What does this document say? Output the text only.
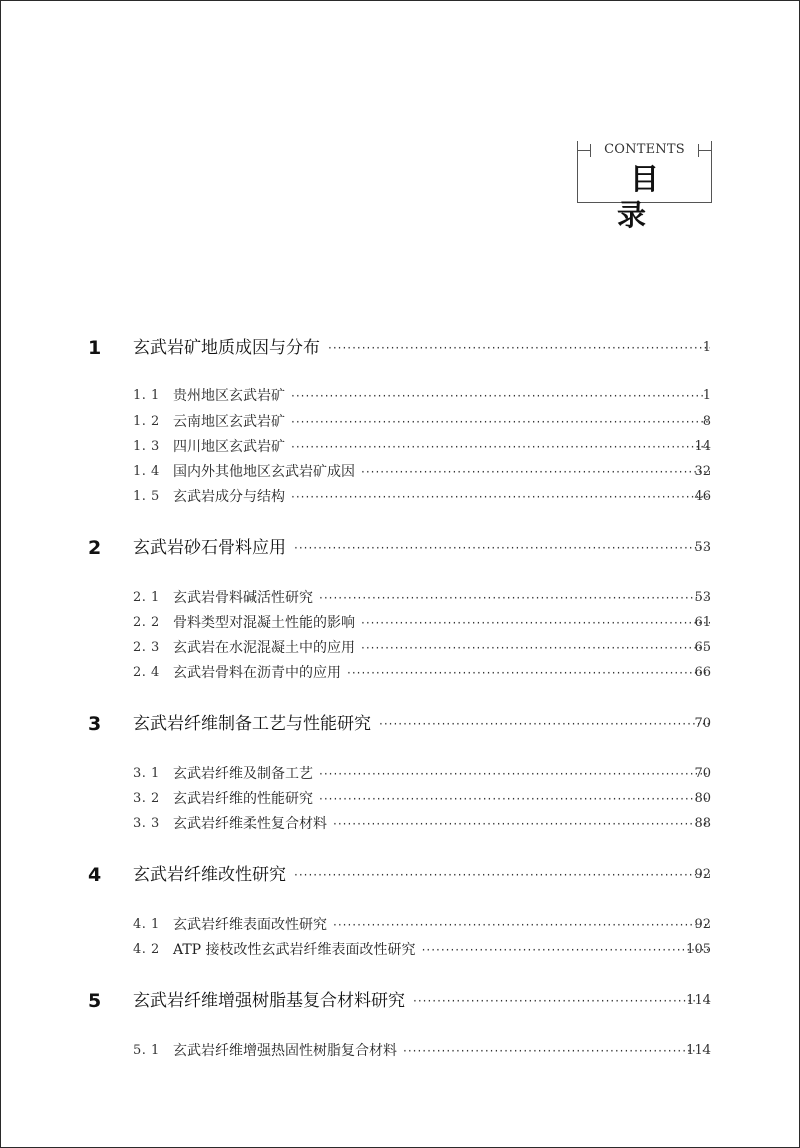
CONTENTS
目录
1	玄武岩矿地质成因与分布 ·····	1
1. 1 贵州地区玄武岩矿 ·····	1
1. 2 云南地区玄武岩矿 ·····	8
1. 3 四川地区玄武岩矿 ·····	14
1. 4 国内外其他地区玄武岩矿成因 ·····	32
1. 5 玄武岩成分与结构 ·····	46
2	玄武岩砂石骨料应用 ·····	53
2. 1 玄武岩骨料碱活性研究 ·····	53
2. 2 骨料类型对混凝土性能的影响 ·····	61
2. 3 玄武岩在水泥混凝土中的应用 ·····	65
2. 4 玄武岩骨料在沥青中的应用 ·····	66
3	玄武岩纤维制备工艺与性能研究 ·····	70
3. 1 玄武岩纤维及制备工艺 ·····	70
3. 2 玄武岩纤维的性能研究 ·····	80
3. 3 玄武岩纤维柔性复合材料 ·····	88
4	玄武岩纤维改性研究 ·····	92
4. 1 玄武岩纤维表面改性研究 ·····	92
4. 2 ATP 接枝改性玄武岩纤维表面改性研究 ·····	105
5	玄武岩纤维增强树脂基复合材料研究 ·····	114
5. 1 玄武岩纤维增强热固性树脂复合材料 ·····	114
